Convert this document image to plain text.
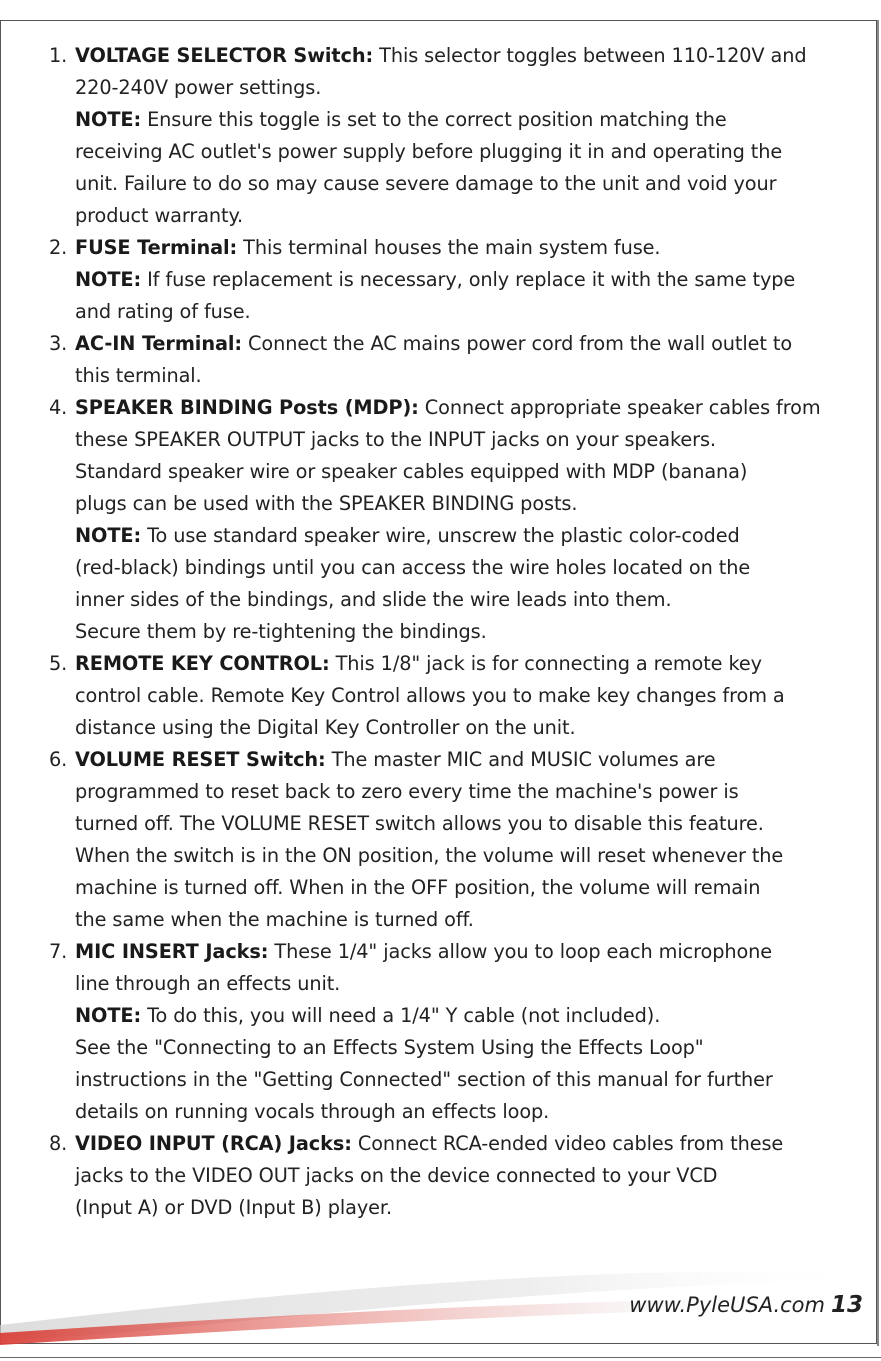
1. VOLTAGE SELECTOR Switch: This selector toggles between 110-120V and
220-240V power settings.
NOTE: Ensure this toggle is set to the correct position matching the
receiving AC outlet's power supply before plugging it in and operating the
unit. Failure to do so may cause severe damage to the unit and void your
product warranty.
2. FUSE Terminal: This terminal houses the main system fuse.
NOTE: If fuse replacement is necessary, only replace it with the same type
and rating of fuse.
3. AC-IN Terminal: Connect the AC mains power cord from the wall outlet to
this terminal.
4. SPEAKER BINDING Posts (MDP): Connect appropriate speaker cables from
these SPEAKER OUTPUT jacks to the INPUT jacks on your speakers.
Standard speaker wire or speaker cables equipped with MDP (banana)
plugs can be used with the SPEAKER BINDING posts.
NOTE: To use standard speaker wire, unscrew the plastic color-coded
(red-black) bindings until you can access the wire holes located on the
inner sides of the bindings, and slide the wire leads into them.
Secure them by re-tightening the bindings.
5. REMOTE KEY CONTROL: This 1/8" jack is for connecting a remote key
control cable. Remote Key Control allows you to make key changes from a
distance using the Digital Key Controller on the unit.
6. VOLUME RESET Switch: The master MIC and MUSIC volumes are
programmed to reset back to zero every time the machine's power is
turned off. The VOLUME RESET switch allows you to disable this feature.
When the switch is in the ON position, the volume will reset whenever the
machine is turned off. When in the OFF position, the volume will remain
the same when the machine is turned off.
7. MIC INSERT Jacks: These 1/4" jacks allow you to loop each microphone
line through an effects unit.
NOTE: To do this, you will need a 1/4" Y cable (not included).
See the "Connecting to an Effects System Using the Effects Loop"
instructions in the "Getting Connected" section of this manual for further
details on running vocals through an effects loop.
8. VIDEO INPUT (RCA) Jacks: Connect RCA-ended video cables from these
jacks to the VIDEO OUT jacks on the device connected to your VCD
(Input A) or DVD (Input B) player.
www.PyleUSA.com 13
